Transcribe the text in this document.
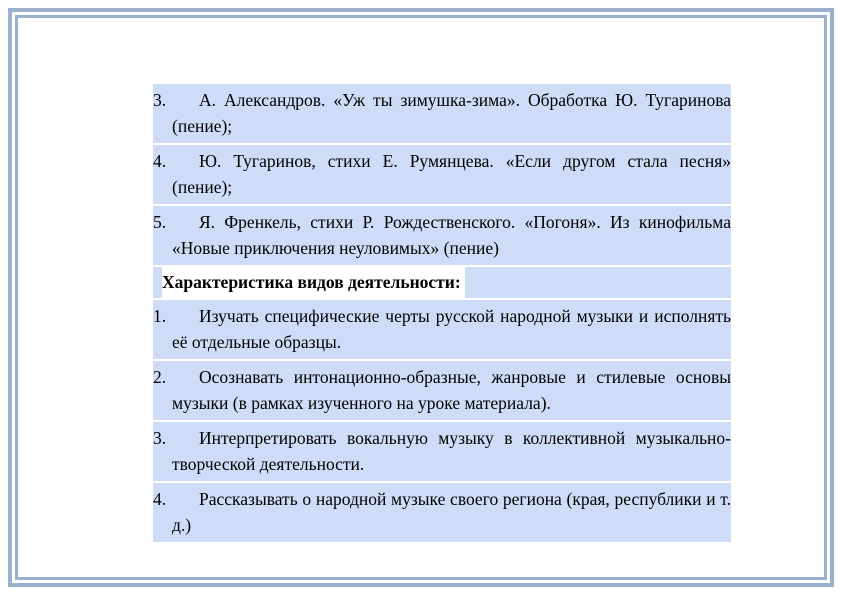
3.	А. Александров. «Уж ты зимушка-зима». Обработка Ю. Тугаринова (пение);
4.	Ю. Тугаринов, стихи Е. Румянцева. «Если другом стала песня» (пение);
5.	Я. Френкель, стихи Р. Рождественского. «Погоня». Из кинофильма «Новые приключения неуловимых» (пение)
Характеристика видов деятельности:
1.	Изучать специфические черты русской народной музыки и исполнять её отдельные образцы.
2.	Осознавать интонационно-образные, жанровые и стилевые основы музыки (в рамках изученного на уроке материала).
3.	Интерпретировать вокальную музыку в коллективной музыкально-творческой деятельности.
4.	Рассказывать о народной музыке своего региона (края, республики и т. д.)
